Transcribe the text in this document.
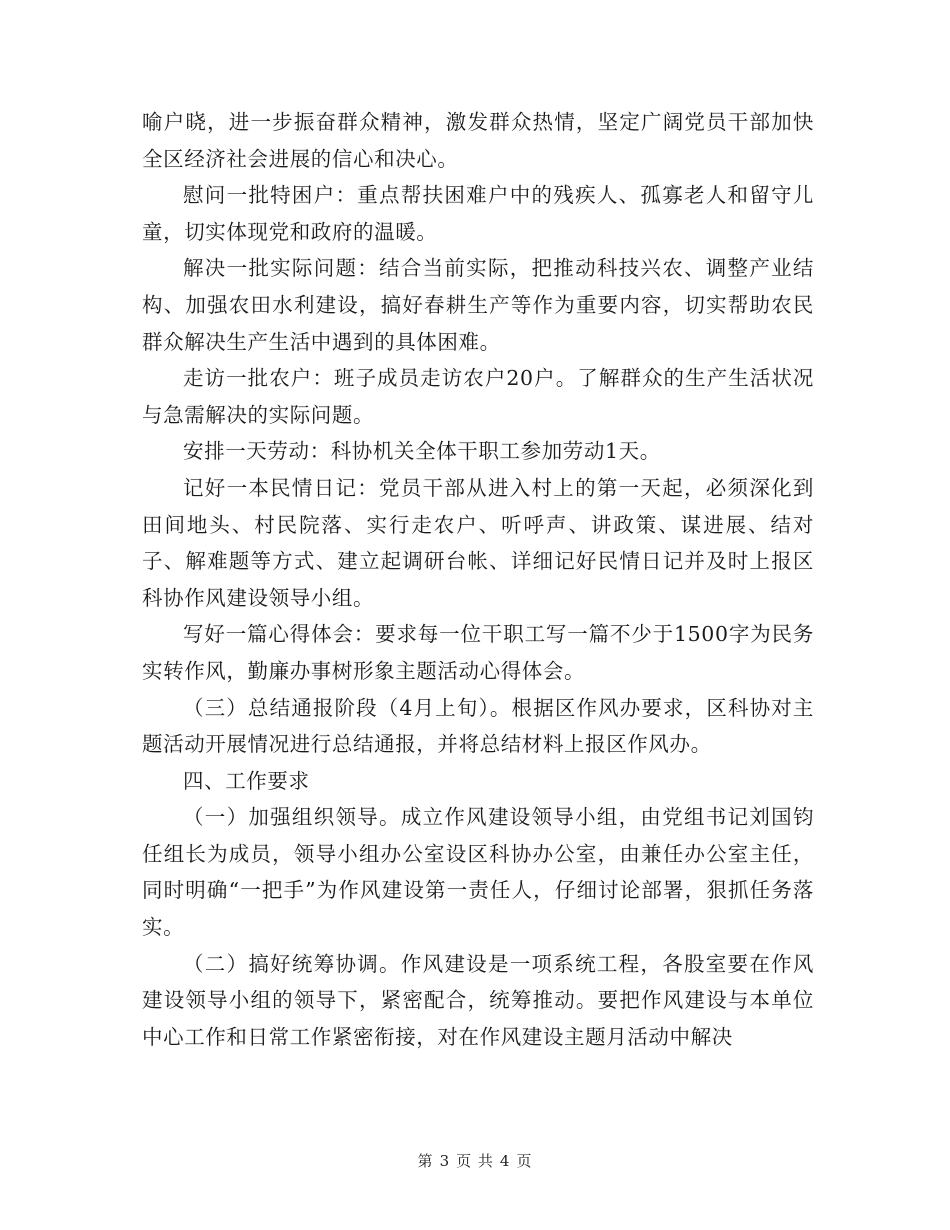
喻户晓，进一步振奋群众精神，激发群众热情，坚定广阔党员干部加快全区经济社会进展的信心和决心。

慰问一批特困户：重点帮扶困难户中的残疾人、孤寡老人和留守儿童，切实体现党和政府的温暖。

解决一批实际问题：结合当前实际，把推动科技兴农、调整产业结构、加强农田水利建设，搞好春耕生产等作为重要内容，切实帮助农民群众解决生产生活中遇到的具体困难。

走访一批农户：班子成员走访农户20户。了解群众的生产生活状况与急需解决的实际问题。

安排一天劳动：科协机关全体干职工参加劳动1天。

记好一本民情日记：党员干部从进入村上的第一天起，必须深化到田间地头、村民院落、实行走农户、听呼声、讲政策、谋进展、结对子、解难题等方式、建立起调研台帐、详细记好民情日记并及时上报区科协作风建设领导小组。

写好一篇心得体会：要求每一位干职工写一篇不少于1500字为民务实转作风，勤廉办事树形象主题活动心得体会。

（三）总结通报阶段（4月上旬）。根据区作风办要求，区科协对主题活动开展情况进行总结通报，并将总结材料上报区作风办。

四、工作要求

（一）加强组织领导。成立作风建设领导小组，由党组书记刘国钧任组长为成员，领导小组办公室设区科协办公室，由兼任办公室主任，同时明确“一把手”为作风建设第一责任人，仔细讨论部署，狠抓任务落实。

（二）搞好统筹协调。作风建设是一项系统工程，各股室要在作风建设领导小组的领导下，紧密配合，统筹推动。要把作风建设与本单位中心工作和日常工作紧密衔接，对在作风建设主题月活动中解决

第 3 页 共 4 页
